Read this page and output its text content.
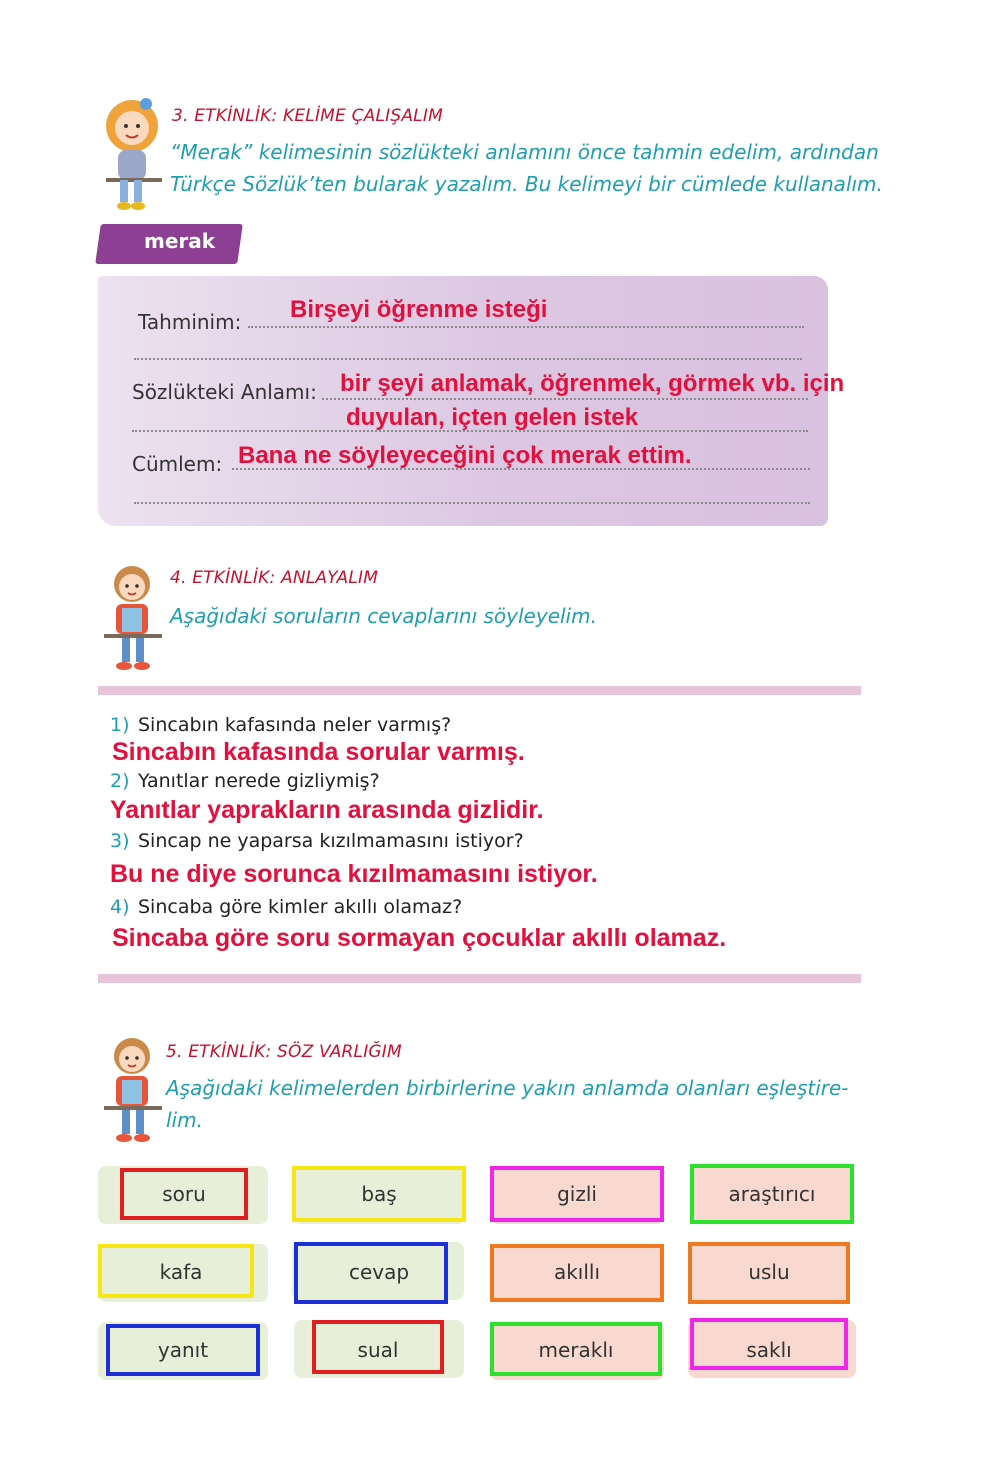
3. ETKİNLİK: KELİME ÇALIŞALIM
“Merak” kelimesinin sözlükteki anlamını önce tahmin edelim, ardından
Türkçe Sözlük’ten bularak yazalım. Bu kelimeyi bir cümlede kullanalım.
merak
Tahminim: Birşeyi öğrenme isteği
Sözlükteki Anlamı: bir şeyi anlamak, öğrenmek, görmek vb. için
duyulan, içten gelen istek
Cümlem: Bana ne söyleyeceğini çok merak ettim.
4. ETKİNLİK: ANLAYALIM
Aşağıdaki soruların cevaplarını söyleyelim.
1) Sincabın kafasında neler varmış?
Sincabın kafasında sorular varmış.
2) Yanıtlar nerede gizliymiş?
Yanıtlar yaprakların arasında gizlidir.
3) Sincap ne yaparsa kızılmamasını istiyor?
Bu ne diye sorunca kızılmamasını istiyor.
4) Sincaba göre kimler akıllı olamaz?
Sincaba göre soru sormayan çocuklar akıllı olamaz.
5. ETKİNLİK: SÖZ VARLIĞIM
Aşağıdaki kelimelerden birbirlerine yakın anlamda olanları eşleştire-
lim.
soru	baş	gizli	araştırıcı
kafa	cevap	akıllı	uslu
yanıt	sual	meraklı	saklı
